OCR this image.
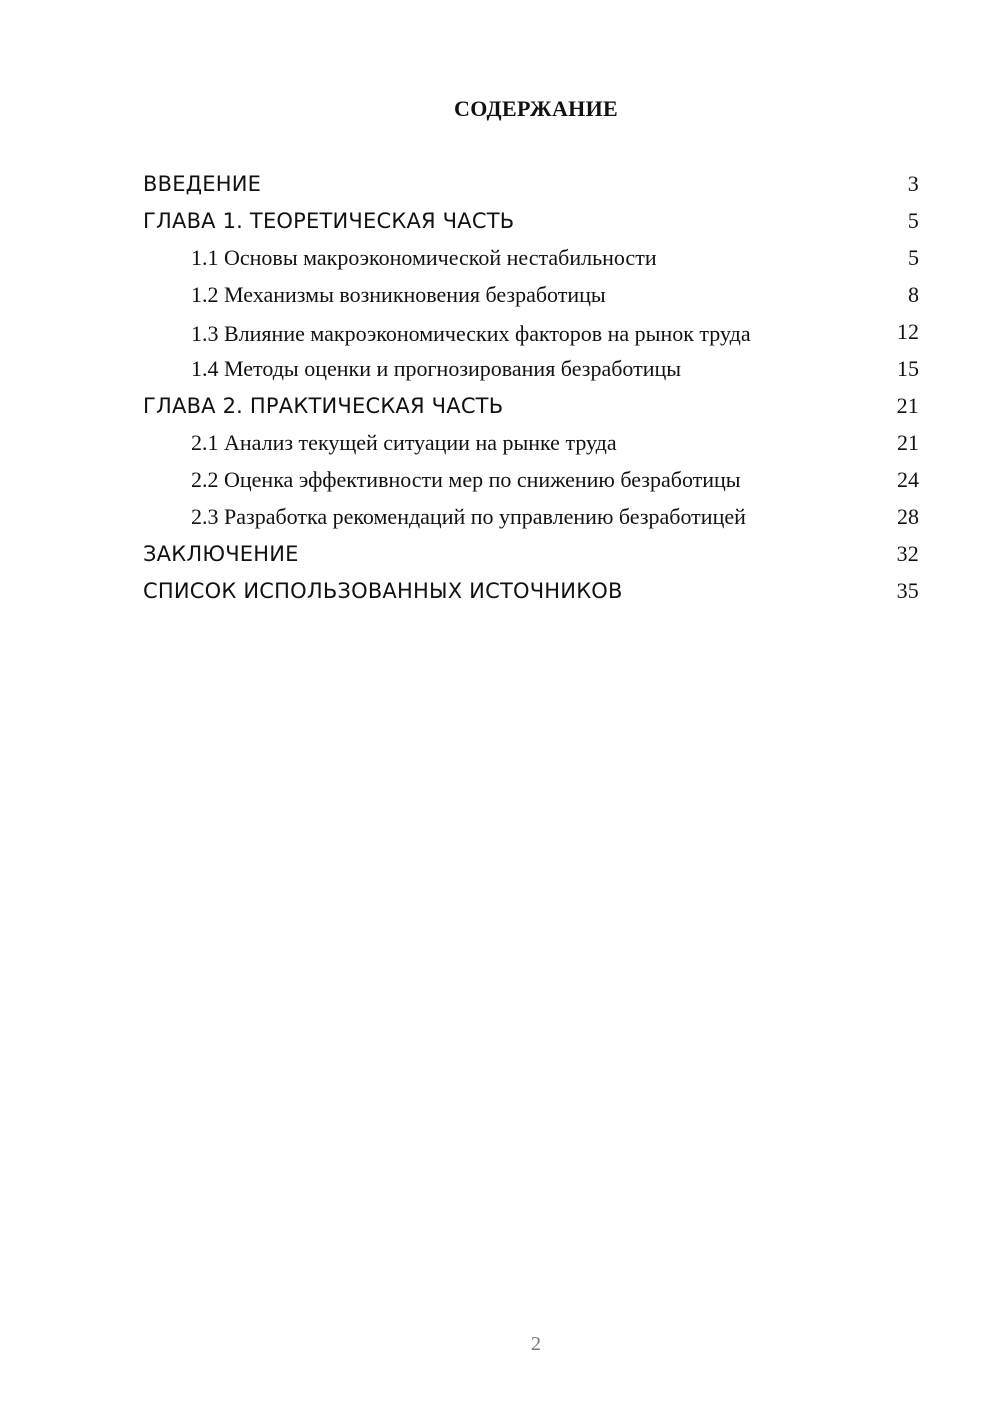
СОДЕРЖАНИЕ
ВВЕДЕНИЕ	3
ГЛАВА 1. ТЕОРЕТИЧЕСКАЯ ЧАСТЬ	5
1.1 Основы макроэкономической нестабильности	5
1.2 Механизмы возникновения безработицы	8
1.3 Влияние макроэкономических факторов на рынок труда	12
1.4 Методы оценки и прогнозирования безработицы	15
ГЛАВА 2. ПРАКТИЧЕСКАЯ ЧАСТЬ	21
2.1 Анализ текущей ситуации на рынке труда	21
2.2 Оценка эффективности мер по снижению безработицы	24
2.3 Разработка рекомендаций по управлению безработицей	28
ЗАКЛЮЧЕНИЕ	32
СПИСОК ИСПОЛЬЗОВАННЫХ ИСТОЧНИКОВ	35
2
